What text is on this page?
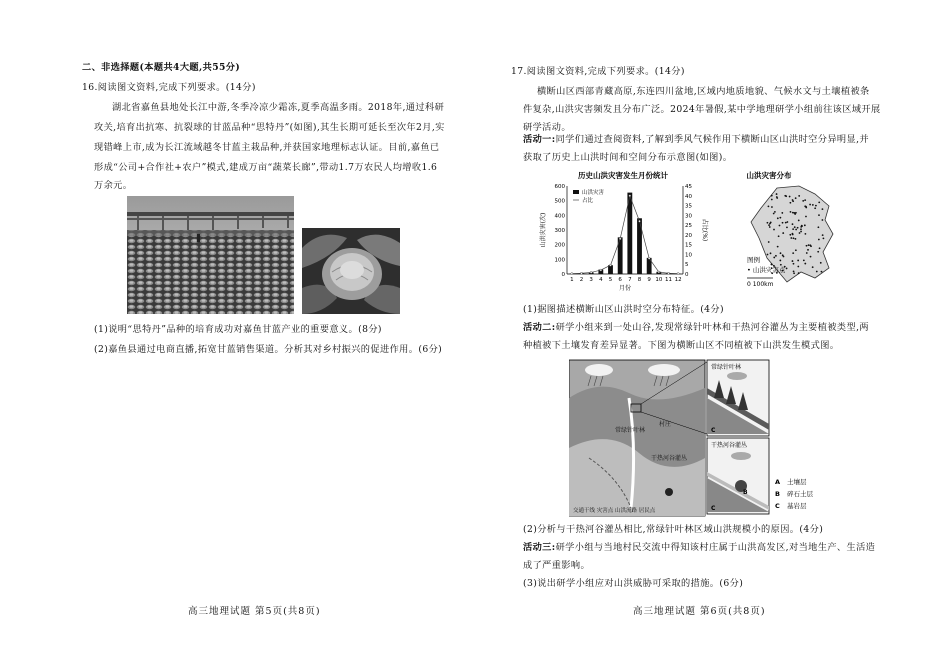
二、非选择题(本题共4大题,共55分)
16.阅读图文资料,完成下列要求。(14分)
湖北省嘉鱼县地处长江中游,冬季冷凉少霜冻,夏季高温多雨。2018年,通过科研
攻关,培育出抗寒、抗裂球的甘蓝品种“思特丹”(如图),其生长期可延长至次年2月,实
现错峰上市,成为长江流域越冬甘蓝主栽品种,并获国家地理标志认证。目前,嘉鱼已
形成“公司+合作社+农户”模式,建成万亩“蔬菜长廊”,带动1.7万农民人均增收1.6
万余元。
(1)说明“思特丹”品种的培育成功对嘉鱼甘蓝产业的重要意义。(8分)
(2)嘉鱼县通过电商直播,拓宽甘蓝销售渠道。分析其对乡村振兴的促进作用。(6分)
高三地理试题 第5页(共8页)
17.阅读图文资料,完成下列要求。(14分)
横断山区西部青藏高原,东连四川盆地,区域内地质地貌、气候水文与土壤植被条
件复杂,山洪灾害频发且分布广泛。2024年暑假,某中学地理研学小组前往该区域开展
研学活动。
活动一:同学们通过查阅资料,了解到季风气候作用下横断山区山洪时空分异明显,并
获取了历史上山洪时间和空间分布示意图(如图)。
历史山洪灾害发生月份统计
0
100
200
300
400
500
600
0
5
10
15
20
25
30
35
40
45
1 2 3 4 5 6 7 8 9 10 11 12
月份
山洪灾害(次)	占比(%)
山洪灾害
占比
山洪灾害分布
图例
• 山洪灾害点
0 100km
(1)据图描述横断山区山洪时空分布特征。(4分)
活动二:研学小组来到一处山谷,发现常绿针叶林和干热河谷灌丛为主要植被类型,两
种植被下土壤发育差异显著。下图为横断山区不同植被下山洪发生模式图。
常绿针叶林
干热河谷灌丛
村庄
交通干线 灾害点 山洪流路 居民点
常绿针叶林
C
干热河谷灌丛
B
C
A 土壤层
B 碎石土层
C 基岩层
(2)分析与干热河谷灌丛相比,常绿针叶林区域山洪规模小的原因。(4分)
活动三:研学小组与当地村民交流中得知该村庄属于山洪高发区,对当地生产、生活造
成了严重影响。
(3)说出研学小组应对山洪威胁可采取的措施。(6分)
高三地理试题 第6页(共8页)
